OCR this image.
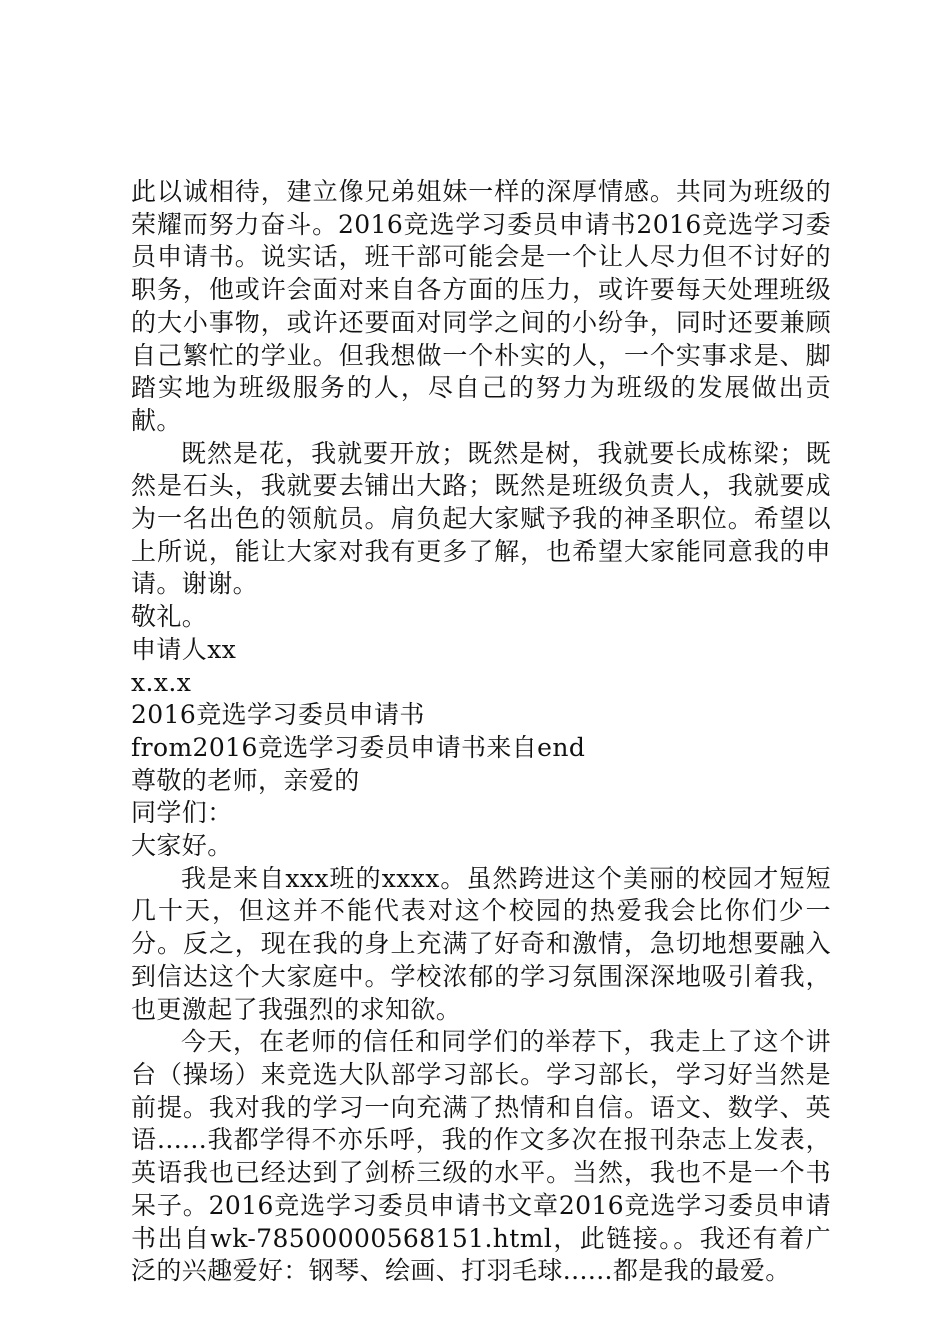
此以诚相待，建立像兄弟姐妹一样的深厚情感。共同为班级的荣耀而努力奋斗。2016竞选学习委员申请书2016竞选学习委员申请书。说实话，班干部可能会是一个让人尽力但不讨好的职务，他或许会面对来自各方面的压力，或许要每天处理班级的大小事物，或许还要面对同学之间的小纷争，同时还要兼顾自己繁忙的学业。但我想做一个朴实的人，一个实事求是、脚踏实地为班级服务的人，尽自己的努力为班级的发展做出贡献。

既然是花，我就要开放；既然是树，我就要长成栋梁；既然是石头，我就要去铺出大路；既然是班级负责人，我就要成为一名出色的领航员。肩负起大家赋予我的神圣职位。希望以上所说，能让大家对我有更多了解，也希望大家能同意我的申请。谢谢。

敬礼。

申请人xx

x.x.x

2016竞选学习委员申请书

from2016竞选学习委员申请书来自end

尊敬的老师，亲爱的

同学们：

大家好。

我是来自xxx班的xxxx。虽然跨进这个美丽的校园才短短几十天，但这并不能代表对这个校园的热爱我会比你们少一分。反之，现在我的身上充满了好奇和激情，急切地想要融入到信达这个大家庭中。学校浓郁的学习氛围深深地吸引着我，也更激起了我强烈的求知欲。

今天，在老师的信任和同学们的举荐下，我走上了这个讲台（操场）来竞选大队部学习部长。学习部长，学习好当然是前提。我对我的学习一向充满了热情和自信。语文、数学、英语......我都学得不亦乐呼，我的作文多次在报刊杂志上发表，英语我也已经达到了剑桥三级的水平。当然，我也不是一个书呆子。2016竞选学习委员申请书文章2016竞选学习委员申请书出自wk-78500000568151.html，此链接。。我还有着广泛的兴趣爱好：钢琴、绘画、打羽毛球......都是我的最爱。
